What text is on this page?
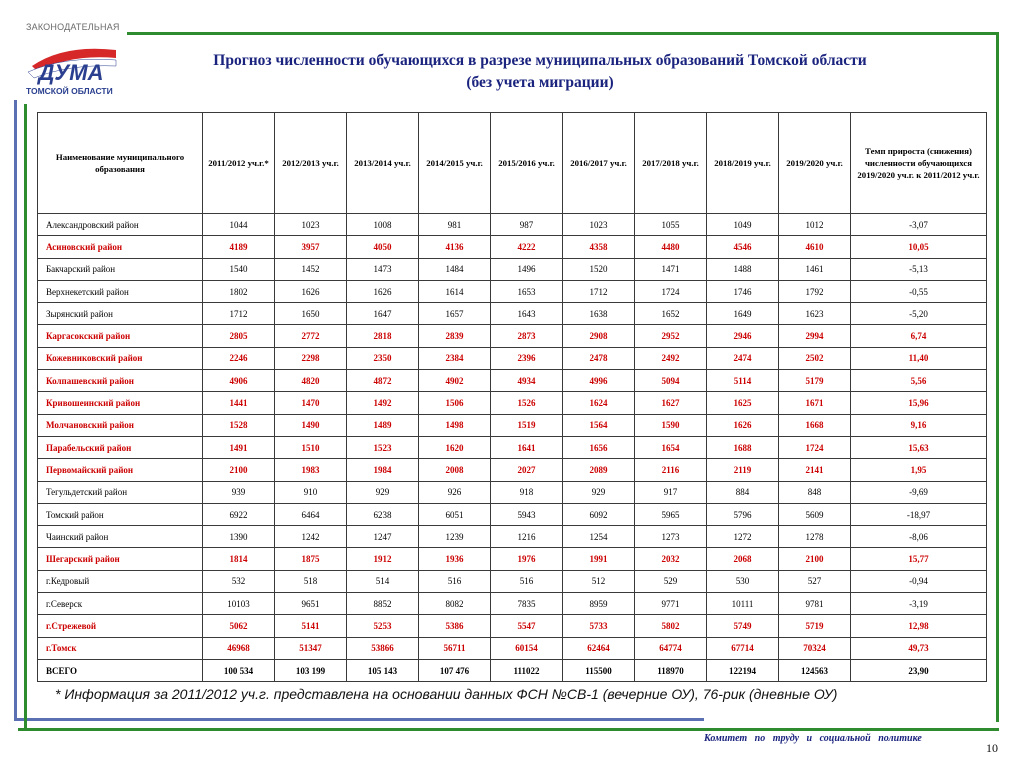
ЗАКОНОДАТЕЛЬНАЯ
ДУМА
ТОМСКОЙ ОБЛАСТИ
Прогноз численности обучающихся в разрезе муниципальных образований Томской области
(без учета миграции)
Наименование муниципального образования	2011/2012 уч.г.*	2012/2013 уч.г.	2013/2014 уч.г.	2014/2015 уч.г.	2015/2016 уч.г.	2016/2017 уч.г.	2017/2018 уч.г.	2018/2019 уч.г.	2019/2020 уч.г.	Темп прироста (снижения) численности обучающихся 2019/2020 уч.г. к 2011/2012 уч.г.
Александровский район	1044	1023	1008	981	987	1023	1055	1049	1012	-3,07
Асиновский район	4189	3957	4050	4136	4222	4358	4480	4546	4610	10,05
Бакчарский район	1540	1452	1473	1484	1496	1520	1471	1488	1461	-5,13
Верхнекетский район	1802	1626	1626	1614	1653	1712	1724	1746	1792	-0,55
Зырянский район	1712	1650	1647	1657	1643	1638	1652	1649	1623	-5,20
Каргасокский район	2805	2772	2818	2839	2873	2908	2952	2946	2994	6,74
Кожевниковский район	2246	2298	2350	2384	2396	2478	2492	2474	2502	11,40
Колпашевский район	4906	4820	4872	4902	4934	4996	5094	5114	5179	5,56
Кривошеинский район	1441	1470	1492	1506	1526	1624	1627	1625	1671	15,96
Молчановский район	1528	1490	1489	1498	1519	1564	1590	1626	1668	9,16
Парабельский район	1491	1510	1523	1620	1641	1656	1654	1688	1724	15,63
Первомайский район	2100	1983	1984	2008	2027	2089	2116	2119	2141	1,95
Тегульдетский район	939	910	929	926	918	929	917	884	848	-9,69
Томский район	6922	6464	6238	6051	5943	6092	5965	5796	5609	-18,97
Чаинский район	1390	1242	1247	1239	1216	1254	1273	1272	1278	-8,06
Шегарский район	1814	1875	1912	1936	1976	1991	2032	2068	2100	15,77
г.Кедровый	532	518	514	516	516	512	529	530	527	-0,94
г.Северск	10103	9651	8852	8082	7835	8959	9771	10111	9781	-3,19
г.Стрежевой	5062	5141	5253	5386	5547	5733	5802	5749	5719	12,98
г.Томск	46968	51347	53866	56711	60154	62464	64774	67714	70324	49,73
ВСЕГО	100 534	103 199	105 143	107 476	111022	115500	118970	122194	124563	23,90
* Информация за 2011/2012 уч.г. представлена на основании данных ФСН №СВ-1 (вечерние ОУ), 76-рик (дневные ОУ)
Комитет по труду и социальной политике
10
